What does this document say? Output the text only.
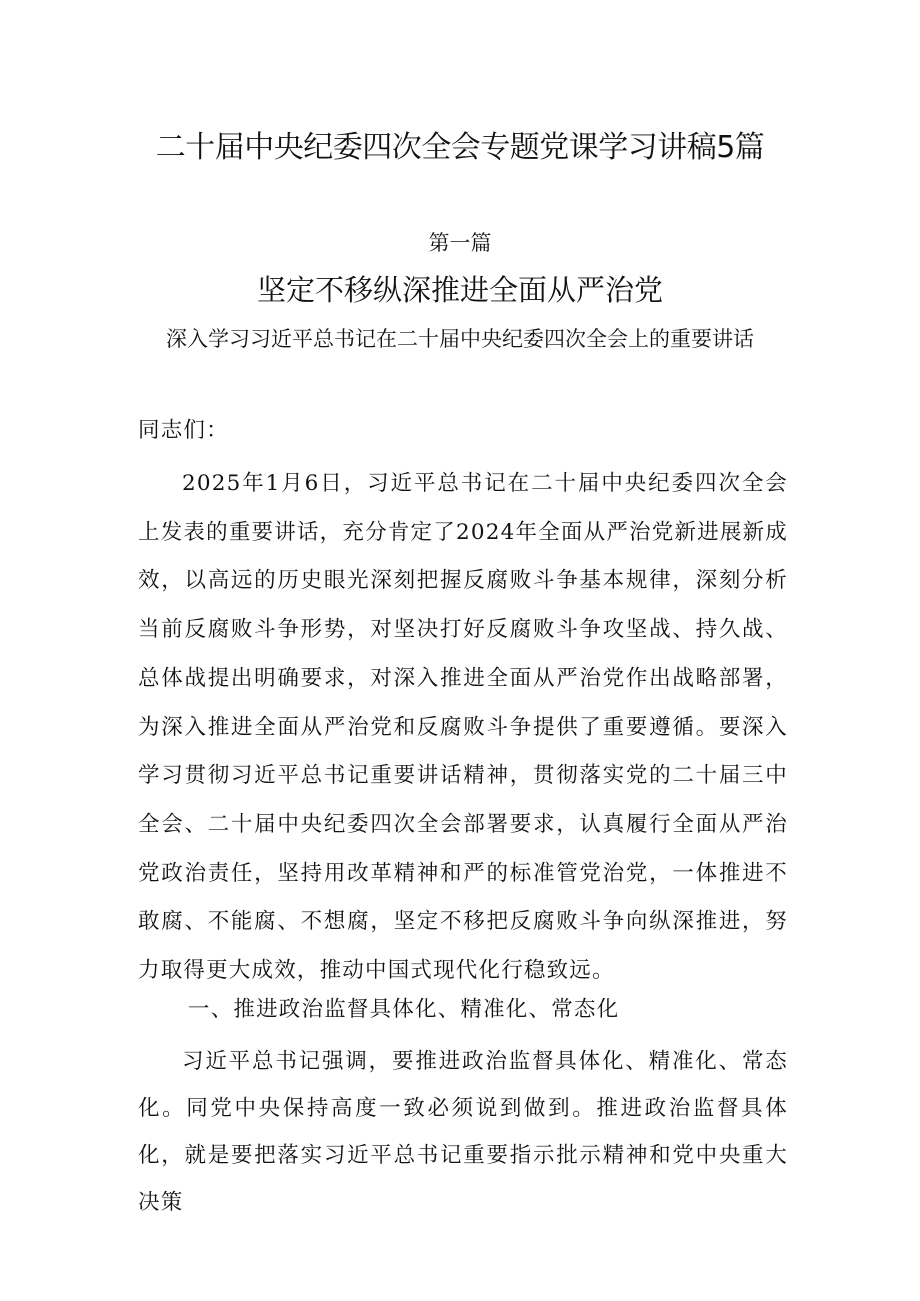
二十届中央纪委四次全会专题党课学习讲稿5篇
第一篇
坚定不移纵深推进全面从严治党
深入学习习近平总书记在二十届中央纪委四次全会上的重要讲话
同志们：

2025年1月6日，习近平总书记在二十届中央纪委四次全会上发表的重要讲话，充分肯定了2024年全面从严治党新进展新成效，以高远的历史眼光深刻把握反腐败斗争基本规律，深刻分析当前反腐败斗争形势，对坚决打好反腐败斗争攻坚战、持久战、总体战提出明确要求，对深入推进全面从严治党作出战略部署，为深入推进全面从严治党和反腐败斗争提供了重要遵循。要深入学习贯彻习近平总书记重要讲话精神，贯彻落实党的二十届三中全会、二十届中央纪委四次全会部署要求，认真履行全面从严治党政治责任，坚持用改革精神和严的标准管党治党，一体推进不敢腐、不能腐、不想腐，坚定不移把反腐败斗争向纵深推进，努力取得更大成效，推动中国式现代化行稳致远。

一、推进政治监督具体化、精准化、常态化

习近平总书记强调，要推进政治监督具体化、精准化、常态化。同党中央保持高度一致必须说到做到。推进政治监督具体化，就是要把落实习近平总书记重要指示批示精神和党中央重大决策
